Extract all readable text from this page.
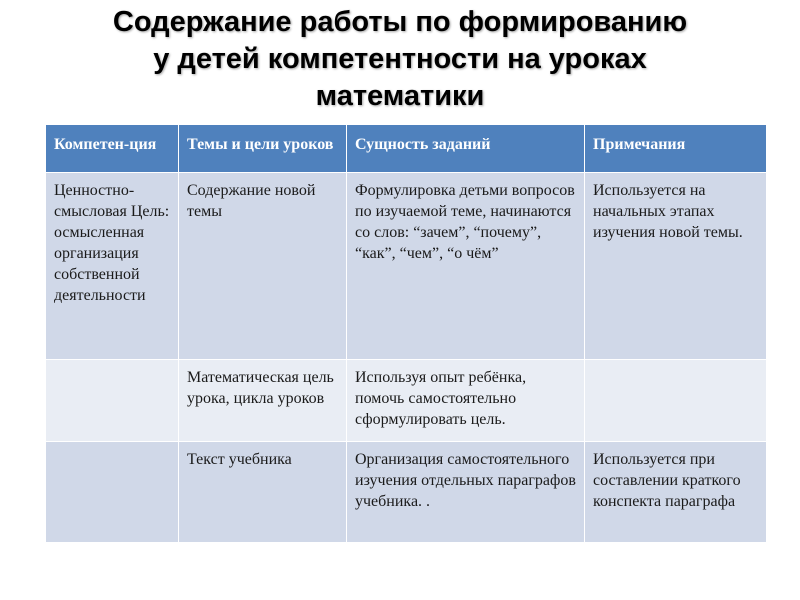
Содержание работы по формированию
у детей компетентности на уроках
математики
Компетен-ция	Темы и цели уроков	Сущность заданий	Примечания
Ценностно-смысловая Цель: осмысленная организация собственной деятельности	Содержание новой темы	Формулировка детьми вопросов по изучаемой теме, начинаются со слов: “зачем”, “почему”, “как”, “чем”, “о чём”	Используется на начальных этапах изучения новой темы.
	Математическая цель урока, цикла уроков	Используя опыт ребёнка, помочь самостоятельно сформулировать цель.	
	Текст учебника	Организация самостоятельного изучения отдельных параграфов учебника. .	Используется при составлении краткого конспекта параграфа
